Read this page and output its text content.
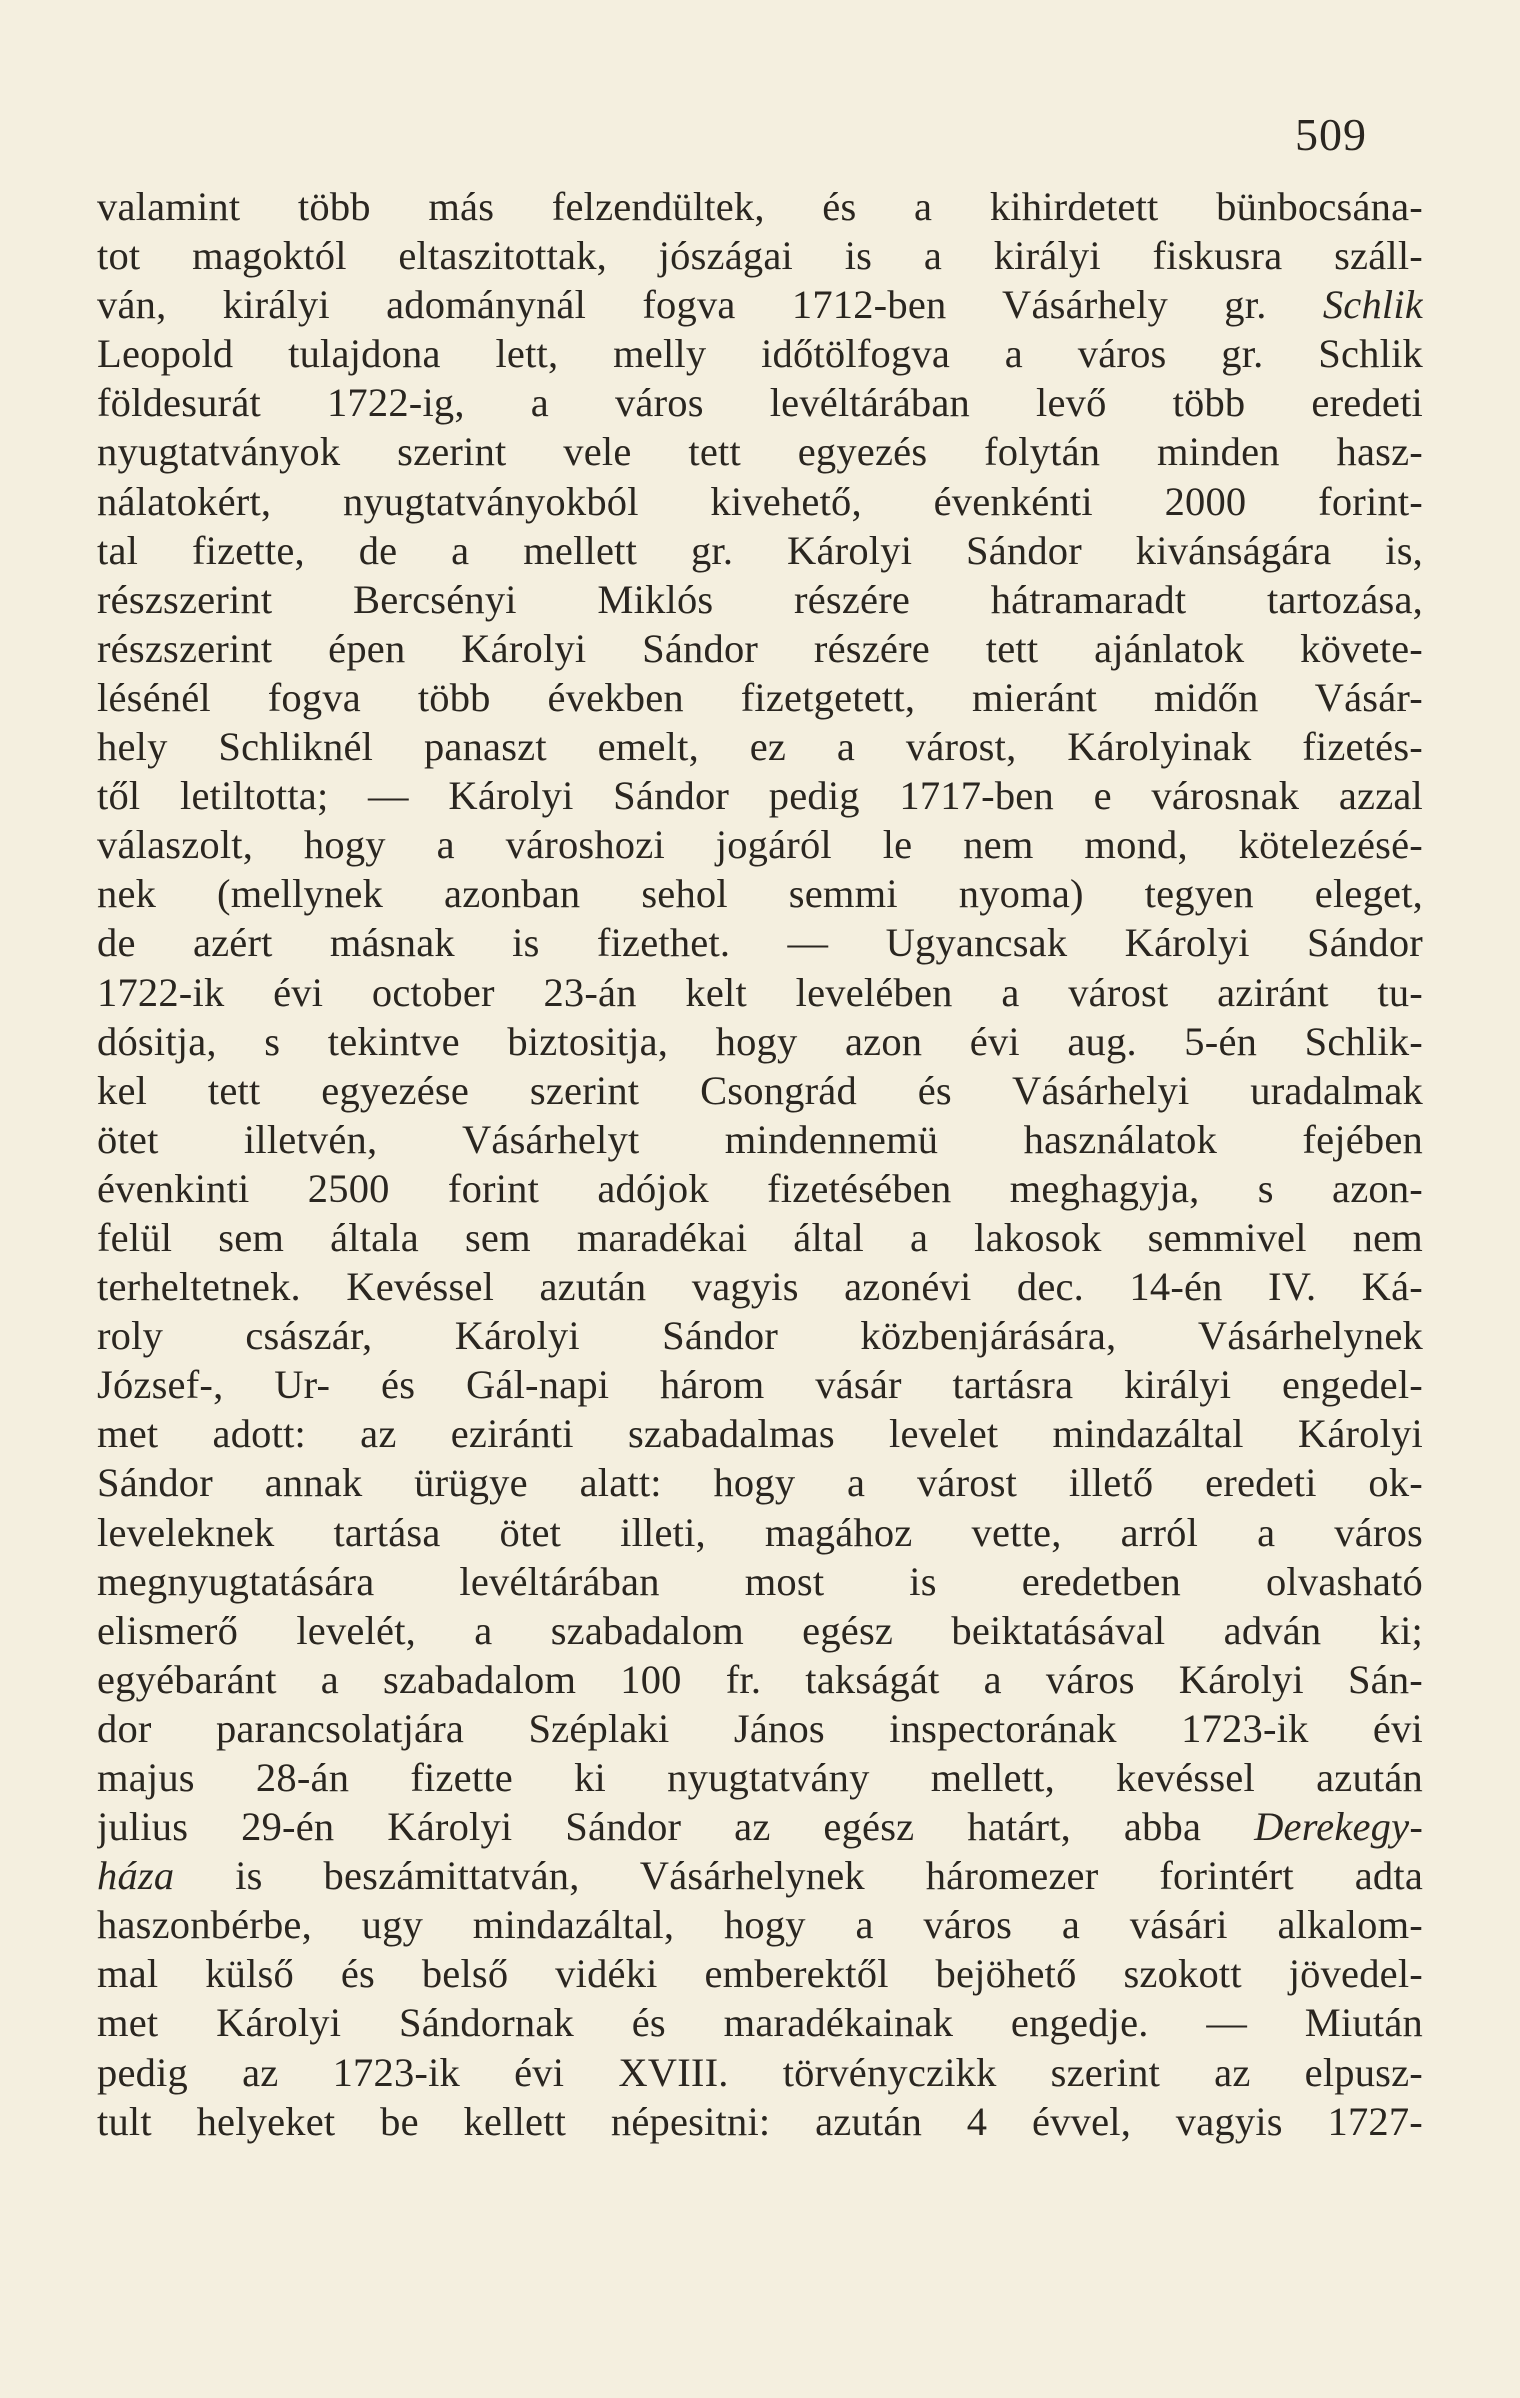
509
valamint több más felzendültek, és a kihirdetett bünbocsána-
tot magoktól eltaszitottak, jószágai is a királyi fiskusra száll-
ván, királyi adománynál fogva 1712-ben Vásárhely gr. Schlik
Leopold tulajdona lett, melly időtölfogva a város gr. Schlik
földesurát 1722-ig, a város levéltárában levő több eredeti
nyugtatványok szerint vele tett egyezés folytán minden hasz-
nálatokért, nyugtatványokból kivehető, évenkénti 2000 forint-
tal fizette, de a mellett gr. Károlyi Sándor kivánságára is,
részszerint Bercsényi Miklós részére hátramaradt tartozása,
részszerint épen Károlyi Sándor részére tett ajánlatok követe-
lésénél fogva több években fizetgetett, mieránt midőn Vásár-
hely Schliknél panaszt emelt, ez a várost, Károlyinak fizetés-
től letiltotta; — Károlyi Sándor pedig 1717-ben e városnak azzal
válaszolt, hogy a városhozi jogáról le nem mond, kötelezésé-
nek (mellynek azonban sehol semmi nyoma) tegyen eleget,
de azért másnak is fizethet. — Ugyancsak Károlyi Sándor
1722-ik évi october 23-án kelt levelében a várost azіránt tu-
dósitja, s tekintve biztositja, hogy azon évi aug. 5-én Schlik-
kel tett egyezése szerint Csongrád és Vásárhelyi uradalmak
ötet illetvén, Vásárhelyt mindennemü használatok fejében
évenkinti 2500 forint adójok fizetésében meghagyja, s azon-
felül sem általa sem maradékai által a lakosok semmivel nem
terheltetnek. Kevéssel azután vagyis azonévi dec. 14-én IV. Ká-
roly császár, Károlyi Sándor közbenjárására, Vásárhelynek
József-, Ur- és Gál-napi három vásár tartásra királyi engedel-
met adott: az eziránti szabadalmas levelet mindazáltal Károlyi
Sándor annak ürügye alatt: hogy a várost illető eredeti ok-
leveleknek tartása ötet illeti, magához vette, arról a város
megnyugtatására levéltárában most is eredetben olvasható
elismerő levelét, a szabadalom egész beiktatásával adván ki;
egyébaránt a szabadalom 100 fr. takságát a város Károlyi Sán-
dor parancsolatjára Széplaki János inspectorának 1723-ik évi
majus 28-án fizette ki nyugtatvány mellett, kevéssel azután
julius 29-én Károlyi Sándor az egész határt, abba Derekegy-
háza is beszámittatván, Vásárhelynek háromezer forintért adta
haszonbérbe, ugy mindazáltal, hogy a város a vásári alkalom-
mal külső és belső vidéki emberektől bejöhető szokott jövedel-
met Károlyi Sándornak és maradékainak engedje. — Miután
pedig az 1723-ik évi XVIII. törvényczikk szerint az elpusz-
tult helyeket be kellett népesitni: azután 4 évvel, vagyis 1727-
